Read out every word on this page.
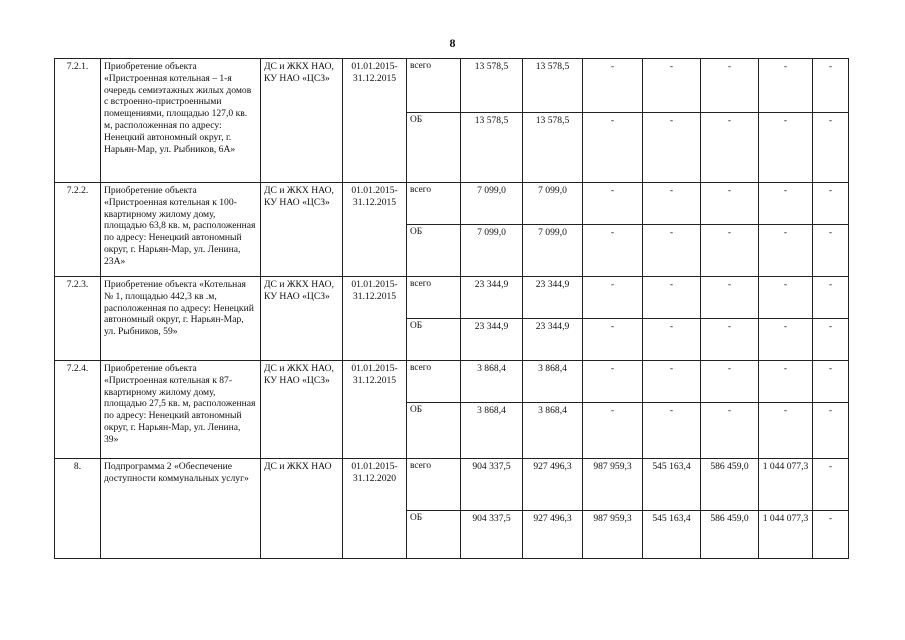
8
7.2.1.	Приобретение объекта «Пристроенная котельная – 1-я очередь семиэтажных жилых домов с встроенно-пристроенными помещениями, площадью 127,0 кв. м, расположенная по адресу: Ненецкий автономный округ, г. Нарьян-Мар, ул. Рыбников, 6А»	ДС и ЖКХ НАО, КУ НАО «ЦСЗ»	01.01.2015-31.12.2015	всего	13 578,5	13 578,5	-	-	-	-	-
				ОБ	13 578,5	13 578,5	-	-	-	-	-
7.2.2.	Приобретение объекта «Пристроенная котельная к 100-квартирному жилому дому, площадью 63,8 кв. м, расположенная по адресу: Ненецкий автономный округ, г. Нарьян-Мар, ул. Ленина, 23А»	ДС и ЖКХ НАО, КУ НАО «ЦСЗ»	01.01.2015-31.12.2015	всего	7 099,0	7 099,0	-	-	-	-	-
				ОБ	7 099,0	7 099,0	-	-	-	-	-
7.2.3.	Приобретение объекта «Котельная № 1, площадью 442,3 кв .м, расположенная по адресу: Ненецкий автономный округ, г. Нарьян-Мар, ул. Рыбников, 59»	ДС и ЖКХ НАО, КУ НАО «ЦСЗ»	01.01.2015-31.12.2015	всего	23 344,9	23 344,9	-	-	-	-	-
				ОБ	23 344,9	23 344,9	-	-	-	-	-
7.2.4.	Приобретение объекта «Пристроенная котельная к 87-квартирному жилому дому, площадью 27,5 кв. м, расположенная по адресу: Ненецкий автономный округ, г. Нарьян-Мар, ул. Ленина, 39»	ДС и ЖКХ НАО, КУ НАО «ЦСЗ»	01.01.2015-31.12.2015	всего	3 868,4	3 868,4	-	-	-	-	-
				ОБ	3 868,4	3 868,4	-	-	-	-	-
8.	Подпрограмма 2 «Обеспечение доступности коммунальных услуг»	ДС и ЖКХ НАО	01.01.2015-31.12.2020	всего	904 337,5	927 496,3	987 959,3	545 163,4	586 459,0	1 044 077,3	-
				ОБ	904 337,5	927 496,3	987 959,3	545 163,4	586 459,0	1 044 077,3	-
